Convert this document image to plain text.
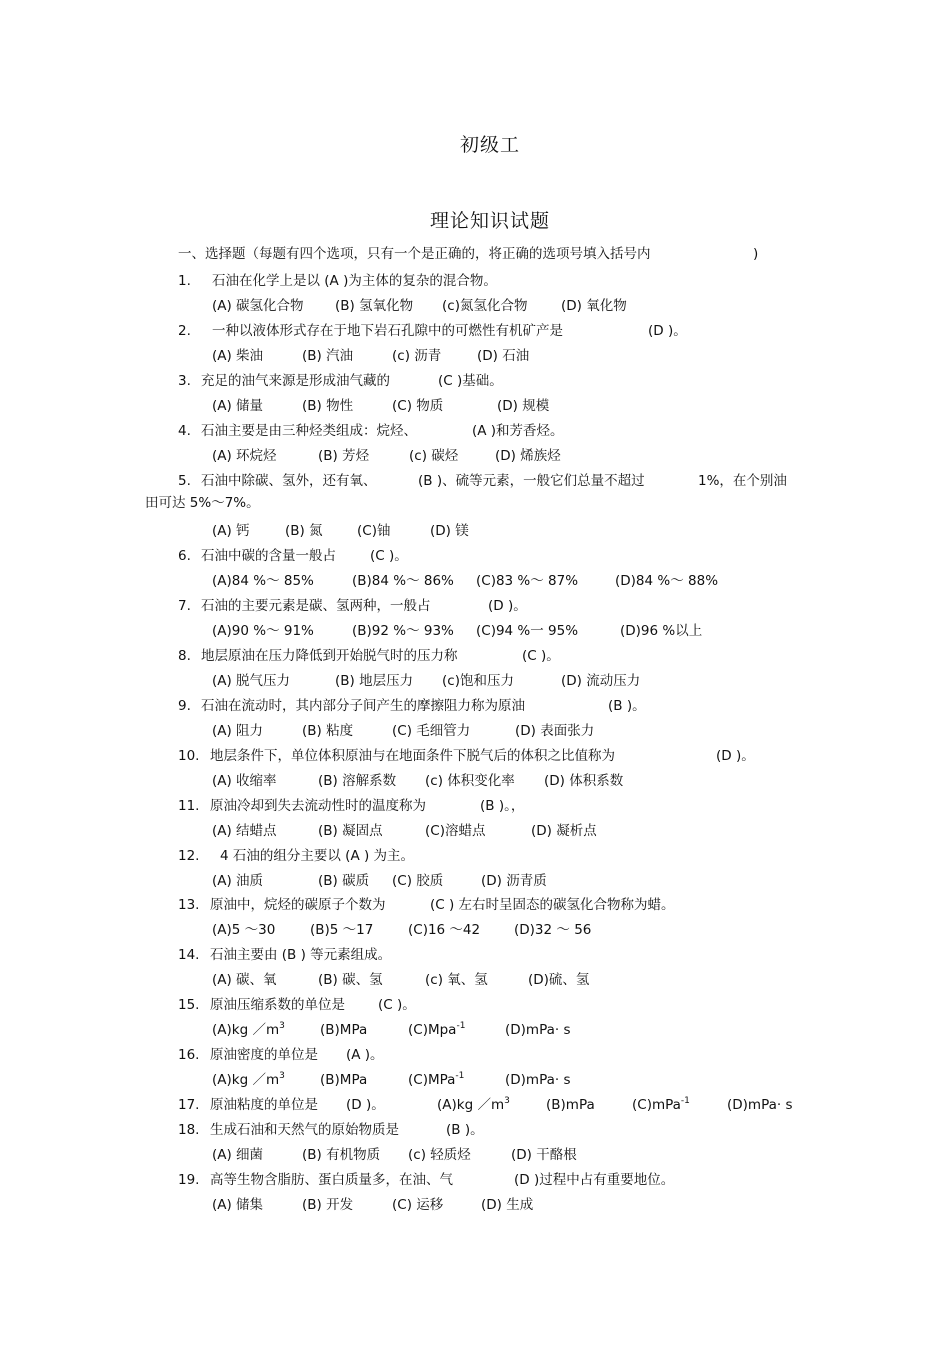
初级工
理论知识试题
一、选择题（每题有四个选项，只有一个是正确的，将正确的选项号填入括号内	)
1. 石油在化学上是以 (A )为主体的复杂的混合物。
(A) 碳氢化合物 (B) 氢氧化物 (c)氮氢化合物 (D) 氧化物
2. 一种以液体形式存在于地下岩石孔隙中的可燃性有机矿产是	(D )。
(A) 柴油	(B) 汽油	(c) 沥青	(D) 石油
3. 充足的油气来源是形成油气藏的	(C )基础。
(A) 储量	(B) 物性	(C) 物质	(D) 规模
4. 石油主要是由三种烃类组成：烷烃、	(A )和芳香烃。
(A) 环烷烃	(B) 芳烃	(c) 碳烃	(D) 烯族烃
5. 石油中除碳、氢外，还有氧、	(B )、硫等元素，一般它们总量不超过	1%，在个别油
田可达 5%～7%。
(A) 钙	(B) 氮	(C)铀	(D) 镁
6. 石油中碳的含量一般占	(C )。
(A)84 %～ 85%	(B)84 %～ 86% (C)83 %～ 87%	(D)84 %～ 88%
7. 石油的主要元素是碳、氢两种，一般占	(D )。
(A)90 %～ 91%	(B)92 %～ 93% (C)94 %一 95%	(D)96 %以上
8. 地层原油在压力降低到开始脱气时的压力称	(C )。
(A) 脱气压力	(B) 地层压力 (c)饱和压力	(D) 流动压力
9. 石油在流动时，其内部分子间产生的摩擦阻力称为原油	(B )。
(A) 阻力	(B) 粘度	(C) 毛细管力	(D) 表面张力
10. 地层条件下，单位体积原油与在地面条件下脱气后的体积之比值称为	(D )。
(A) 收缩率	(B) 溶解系数 (c) 体积变化率 (D) 体积系数
11. 原油冷却到失去流动性时的温度称为	(B )。，
(A) 结蜡点	(B) 凝固点	(C)溶蜡点	(D) 凝析点
12. 4 石油的组分主要以 (A ) 为主。
(A) 油质	(B) 碳质 (C) 胶质	(D) 沥青质
13. 原油中，烷烃的碳原子个数为	(C ) 左右时呈固态的碳氢化合物称为蜡。
(A)5 ～30	(B)5 ～17	(C)16 ～42	(D)32 ～ 56
14. 石油主要由 (B ) 等元素组成。
(A) 碳、氧	(B) 碳、氢	(c) 氧、氢	(D)硫、氢
15. 原油压缩系数的单位是 (C )。
(A)kg $/m^3$	(B)MPa	(C)Mpa$^{-1}$	(D)mPa· s
16. 原油密度的单位是 (A )。
(A)kg $/m^3$	(B)MPa	(C)MPa$^{-1}$	(D)mPa· s
17. 原油粘度的单位是 (D )。	(A)kg $/m^3$	(B)mPa	(C)mPa$^{-1}$	(D)mPa· s
18. 生成石油和天然气的原始物质是	(B )。
(A) 细菌	(B) 有机物质 (c) 轻质烃	(D) 干酪根
19. 高等生物含脂肪、蛋白质量多，在油、气	(D )过程中占有重要地位。
(A) 储集	(B) 开发	(C) 运移	(D) 生成
